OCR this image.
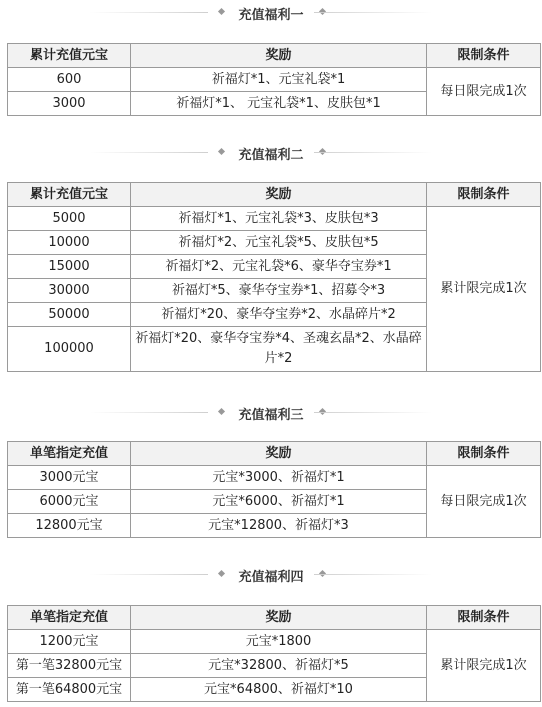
充值福利一
累计充值元宝	奖励	限制条件
600	祈福灯*1、元宝礼袋*1	每日限完成1次
3000	祈福灯*1、 元宝礼袋*1、皮肤包*1	
充值福利二
累计充值元宝	奖励	限制条件
5000	祈福灯*1、元宝礼袋*3、皮肤包*3	累计限完成1次
10000	祈福灯*2、元宝礼袋*5、皮肤包*5	
15000	祈福灯*2、元宝礼袋*6、豪华夺宝券*1	
30000	祈福灯*5、豪华夺宝券*1、招募令*3	
50000	祈福灯*20、豪华夺宝券*2、水晶碎片*2	
100000	祈福灯*20、豪华夺宝券*4、圣魂玄晶*2、水晶碎片*2	
充值福利三
单笔指定充值	奖励	限制条件
3000元宝	元宝*3000、祈福灯*1	每日限完成1次
6000元宝	元宝*6000、祈福灯*1	
12800元宝	元宝*12800、祈福灯*3	
充值福利四
单笔指定充值	奖励	限制条件
1200元宝	元宝*1800	累计限完成1次
第一笔32800元宝	元宝*32800、祈福灯*5	
第一笔64800元宝	元宝*64800、祈福灯*10	
